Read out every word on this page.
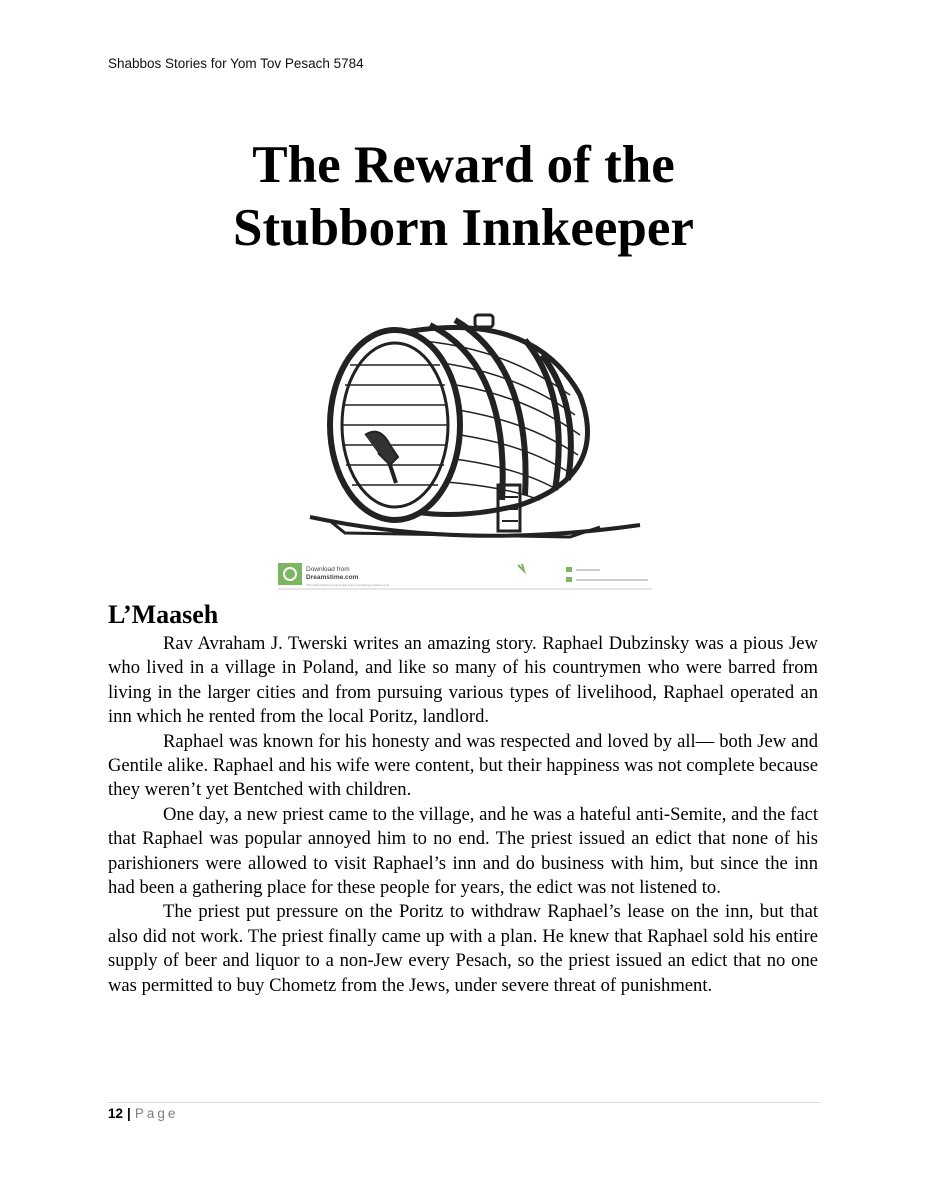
Shabbos Stories for Yom Tov Pesach 5784
The Reward of the
Stubborn Innkeeper
Download from
Dreamstime.com
This watermarked comp image is for previewing purposes only.
L’Maaseh

Rav Avraham J. Twerski writes an amazing story. Raphael Dubzinsky was a pious Jew who lived in a village in Poland, and like so many of his countrymen who were barred from living in the larger cities and from pursuing various types of livelihood, Raphael operated an inn which he rented from the local Poritz, landlord.

Raphael was known for his honesty and was respected and loved by all— both Jew and Gentile alike. Raphael and his wife were content, but their happiness was not complete because they weren’t yet Bentched with children.

One day, a new priest came to the village, and he was a hateful anti-Semite, and the fact that Raphael was popular annoyed him to no end. The priest issued an edict that none of his parishioners were allowed to visit Raphael’s inn and do business with him, but since the inn had been a gathering place for these people for years, the edict was not listened to.

The priest put pressure on the Poritz to withdraw Raphael’s lease on the inn, but that also did not work. The priest finally came up with a plan. He knew that Raphael sold his entire supply of beer and liquor to a non-Jew every Pesach, so the priest issued an edict that no one was permitted to buy Chometz from the Jews, under severe threat of punishment.

12 | Page
